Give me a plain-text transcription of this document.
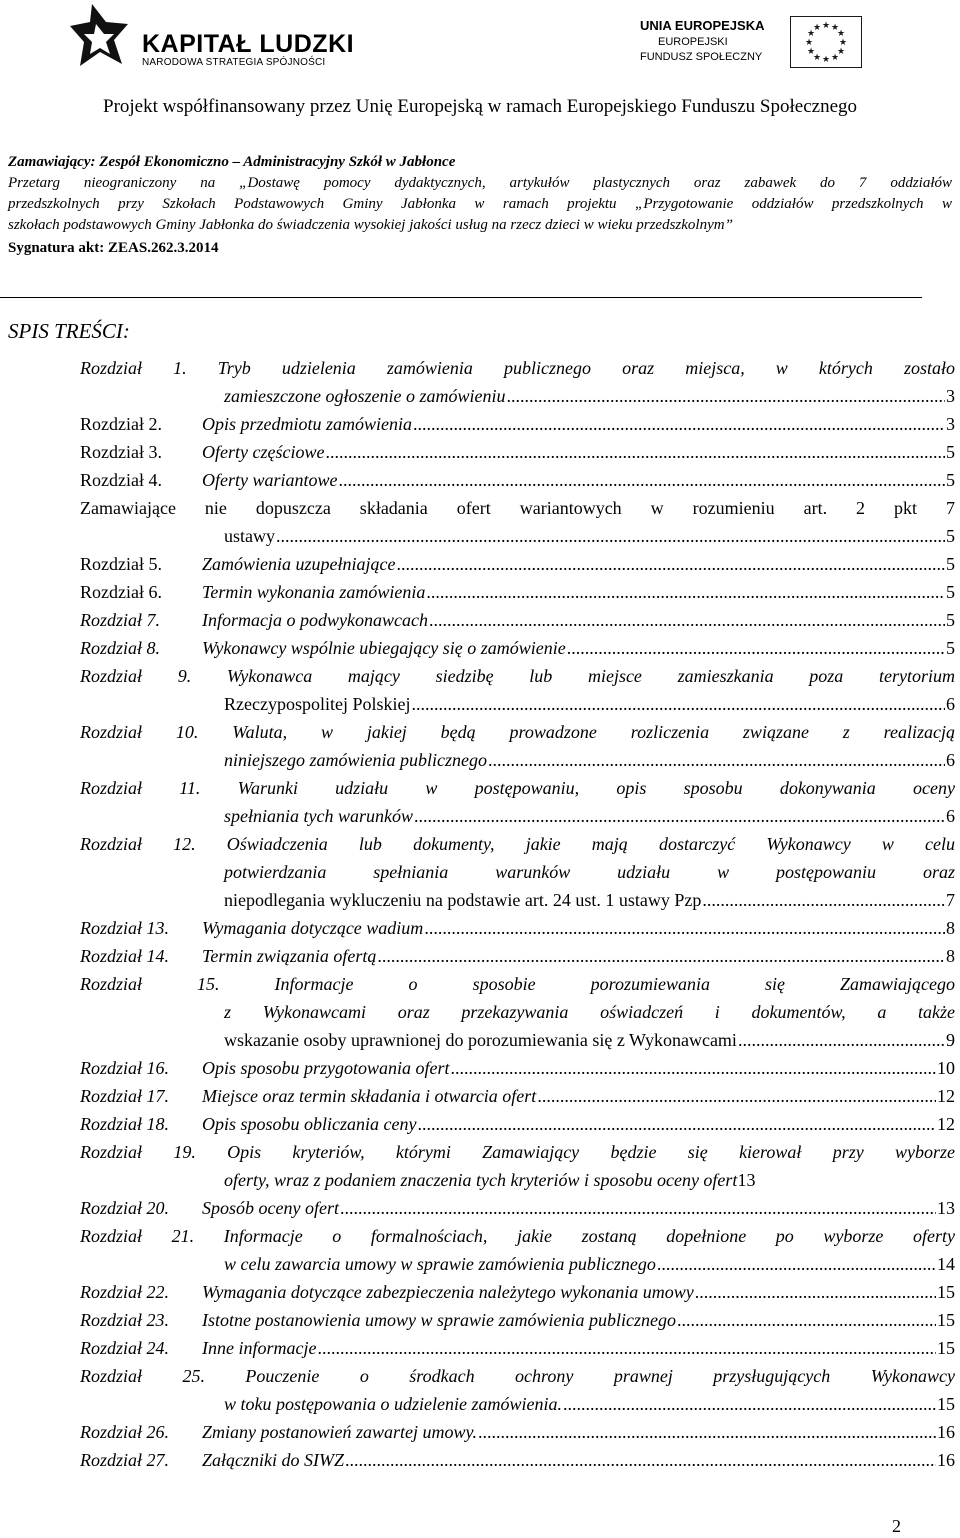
KAPITAŁ LUDZKI
NARODOWA STRATEGIA SPÓJNOŚCI
UNIA EUROPEJSKA
EUROPEJSKI
FUNDUSZ SPOŁECZNY
★ ★
★
★
★
★
★
★
★
★
★
★
Projekt współfinansowany przez Unię Europejską w ramach Europejskiego Funduszu Społecznego
Zamawiający: Zespół Ekonomiczno – Administracyjny Szkół w Jabłonce
Przetarg nieograniczony na „Dostawę pomocy dydaktycznych, artykułów plastycznych oraz zabawek do 7 oddziałów
przedszkolnych przy Szkołach Podstawowych Gminy Jabłonka w ramach projektu „Przygotowanie oddziałów przedszkolnych w
szkołach podstawowych Gminy Jabłonka do świadczenia wysokiej jakości usług na rzecz dzieci w wieku przedszkolnym”
Sygnatura akt: ZEAS.262.3.2014
SPIS TREŚCI:
Rozdział 1. Tryb udzielenia zamówienia publicznego oraz miejsca, w których zostało
zamieszczone ogłoszenie o zamówieniu .....	3
Rozdział 2. Opis przedmiotu zamówienia .....	3
Rozdział 3. Oferty częściowe .....	5
Rozdział 4. Oferty wariantowe .....	5
Zamawiające nie dopuszcza składania ofert wariantowych w rozumieniu art. 2 pkt 7
ustawy .....	5
Rozdział 5. Zamówienia uzupełniające .....	5
Rozdział 6. Termin wykonania zamówienia .....	5
Rozdział 7. Informacja o podwykonawcach .....	5
Rozdział 8. Wykonawcy wspólnie ubiegający się o zamówienie .....	5
Rozdział 9. Wykonawca mający siedzibę lub miejsce zamieszkania poza terytorium
Rzeczypospolitej Polskiej .....	6
Rozdział 10. Waluta, w jakiej będą prowadzone rozliczenia związane z realizacją
niniejszego zamówienia publicznego .....	6
Rozdział 11. Warunki udziału w postępowaniu, opis sposobu dokonywania oceny
spełniania tych warunków .....	6
Rozdział 12. Oświadczenia lub dokumenty, jakie mają dostarczyć Wykonawcy w celu
potwierdzania spełniania warunków udziału w postępowaniu oraz
niepodlegania wykluczeniu na podstawie art. 24 ust. 1 ustawy Pzp .....	7
Rozdział 13. Wymagania dotyczące wadium .....	8
Rozdział 14. Termin związania ofertą .....	8
Rozdział 15. Informacje o sposobie porozumiewania się Zamawiającego
z Wykonawcami oraz przekazywania oświadczeń i dokumentów, a także
wskazanie osoby uprawnionej do porozumiewania się z Wykonawcami .....	9
Rozdział 16. Opis sposobu przygotowania ofert .....	10
Rozdział 17. Miejsce oraz termin składania i otwarcia ofert .....	12
Rozdział 18. Opis sposobu obliczania ceny .....	12
Rozdział 19. Opis kryteriów, którymi Zamawiający będzie się kierował przy wyborze
oferty, wraz z podaniem znaczenia tych kryteriów i sposobu oceny ofert 13
Rozdział 20. Sposób oceny ofert .....	13
Rozdział 21. Informacje o formalnościach, jakie zostaną dopełnione po wyborze oferty
w celu zawarcia umowy w sprawie zamówienia publicznego .....	14
Rozdział 22. Wymagania dotyczące zabezpieczenia należytego wykonania umowy .....	15
Rozdział 23. Istotne postanowienia umowy w sprawie zamówienia publicznego .....	15
Rozdział 24. Inne informacje .....	15
Rozdział 25. Pouczenie o środkach ochrony prawnej przysługujących Wykonawcy
w toku postępowania o udzielenie zamówienia. .....	15
Rozdział 26. Zmiany postanowień zawartej umowy. .....	16
Rozdział 27. Załączniki do SIWZ .....	16
2
